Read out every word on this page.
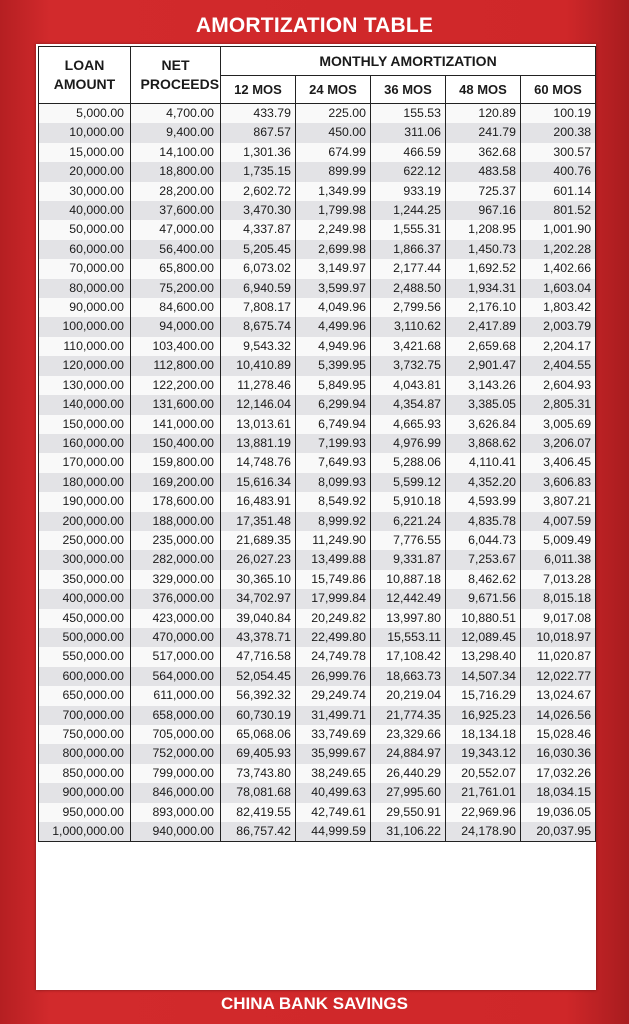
AMORTIZATION TABLE
LOAN AMOUNT	NET PROCEEDS	MONTHLY AMORTIZATION				
		12 MOS	24 MOS	36 MOS	48 MOS	60 MOS
5,000.00	4,700.00	433.79	225.00	155.53	120.89	100.19
10,000.00	9,400.00	867.57	450.00	311.06	241.79	200.38
15,000.00	14,100.00	1,301.36	674.99	466.59	362.68	300.57
20,000.00	18,800.00	1,735.15	899.99	622.12	483.58	400.76
30,000.00	28,200.00	2,602.72	1,349.99	933.19	725.37	601.14
40,000.00	37,600.00	3,470.30	1,799.98	1,244.25	967.16	801.52
50,000.00	47,000.00	4,337.87	2,249.98	1,555.31	1,208.95	1,001.90
60,000.00	56,400.00	5,205.45	2,699.98	1,866.37	1,450.73	1,202.28
70,000.00	65,800.00	6,073.02	3,149.97	2,177.44	1,692.52	1,402.66
80,000.00	75,200.00	6,940.59	3,599.97	2,488.50	1,934.31	1,603.04
90,000.00	84,600.00	7,808.17	4,049.96	2,799.56	2,176.10	1,803.42
100,000.00	94,000.00	8,675.74	4,499.96	3,110.62	2,417.89	2,003.79
110,000.00	103,400.00	9,543.32	4,949.96	3,421.68	2,659.68	2,204.17
120,000.00	112,800.00	10,410.89	5,399.95	3,732.75	2,901.47	2,404.55
130,000.00	122,200.00	11,278.46	5,849.95	4,043.81	3,143.26	2,604.93
140,000.00	131,600.00	12,146.04	6,299.94	4,354.87	3,385.05	2,805.31
150,000.00	141,000.00	13,013.61	6,749.94	4,665.93	3,626.84	3,005.69
160,000.00	150,400.00	13,881.19	7,199.93	4,976.99	3,868.62	3,206.07
170,000.00	159,800.00	14,748.76	7,649.93	5,288.06	4,110.41	3,406.45
180,000.00	169,200.00	15,616.34	8,099.93	5,599.12	4,352.20	3,606.83
190,000.00	178,600.00	16,483.91	8,549.92	5,910.18	4,593.99	3,807.21
200,000.00	188,000.00	17,351.48	8,999.92	6,221.24	4,835.78	4,007.59
250,000.00	235,000.00	21,689.35	11,249.90	7,776.55	6,044.73	5,009.49
300,000.00	282,000.00	26,027.23	13,499.88	9,331.87	7,253.67	6,011.38
350,000.00	329,000.00	30,365.10	15,749.86	10,887.18	8,462.62	7,013.28
400,000.00	376,000.00	34,702.97	17,999.84	12,442.49	9,671.56	8,015.18
450,000.00	423,000.00	39,040.84	20,249.82	13,997.80	10,880.51	9,017.08
500,000.00	470,000.00	43,378.71	22,499.80	15,553.11	12,089.45	10,018.97
550,000.00	517,000.00	47,716.58	24,749.78	17,108.42	13,298.40	11,020.87
600,000.00	564,000.00	52,054.45	26,999.76	18,663.73	14,507.34	12,022.77
650,000.00	611,000.00	56,392.32	29,249.74	20,219.04	15,716.29	13,024.67
700,000.00	658,000.00	60,730.19	31,499.71	21,774.35	16,925.23	14,026.56
750,000.00	705,000.00	65,068.06	33,749.69	23,329.66	18,134.18	15,028.46
800,000.00	752,000.00	69,405.93	35,999.67	24,884.97	19,343.12	16,030.36
850,000.00	799,000.00	73,743.80	38,249.65	26,440.29	20,552.07	17,032.26
900,000.00	846,000.00	78,081.68	40,499.63	27,995.60	21,761.01	18,034.15
950,000.00	893,000.00	82,419.55	42,749.61	29,550.91	22,969.96	19,036.05
1,000,000.00	940,000.00	86,757.42	44,999.59	31,106.22	24,178.90	20,037.95
CHINA BANK SAVINGS
